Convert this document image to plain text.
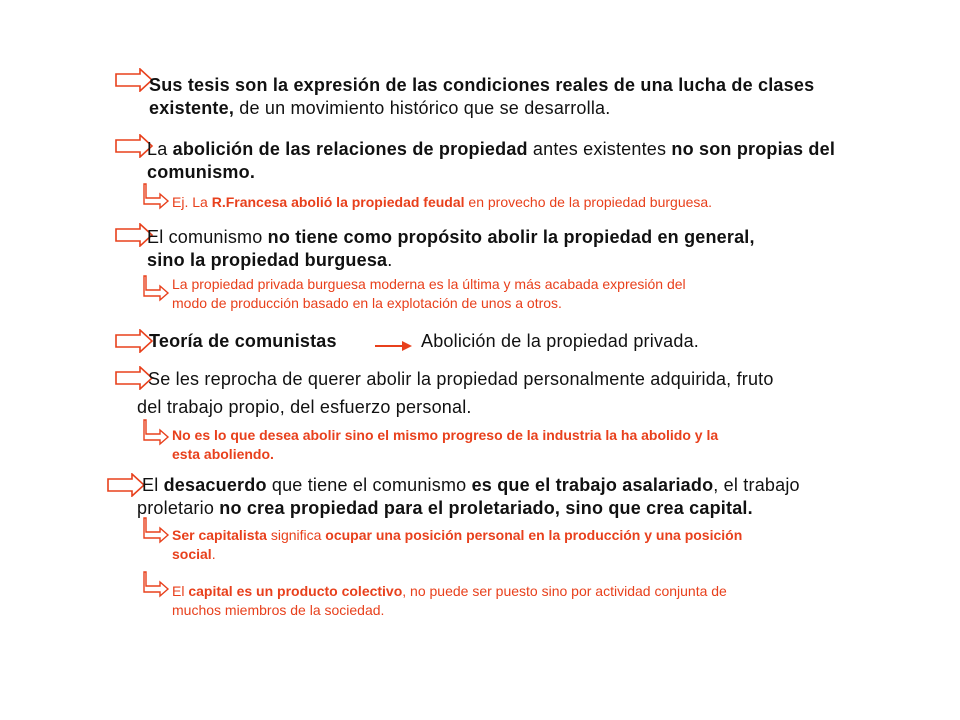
Sus tesis son la expresión de las condiciones reales de una lucha de clases
existente, de un movimiento histórico que se desarrolla.
La abolición de las relaciones de propiedad antes existentes no son propias del
comunismo.
Ej. La R.Francesa abolió la propiedad feudal en provecho de la propiedad burguesa.
El comunismo no tiene como propósito abolir la propiedad en general,
sino la propiedad burguesa.
La propiedad privada burguesa moderna es la última y más acabada expresión del
modo de producción basado en la explotación de unos a otros.
Teoría de comunistas	Abolición de la propiedad privada.
Se les reprocha de querer abolir la propiedad personalmente adquirida, fruto
del trabajo propio, del esfuerzo personal.
No es lo que desea abolir sino el mismo progreso de la industria la ha abolido y la
esta aboliendo.
El desacuerdo que tiene el comunismo es que el trabajo asalariado, el trabajo
proletario no crea propiedad para el proletariado, sino que crea capital.
Ser capitalista significa ocupar una posición personal en la producción y una posición
social.
El capital es un producto colectivo, no puede ser puesto sino por actividad conjunta de
muchos miembros de la sociedad.
